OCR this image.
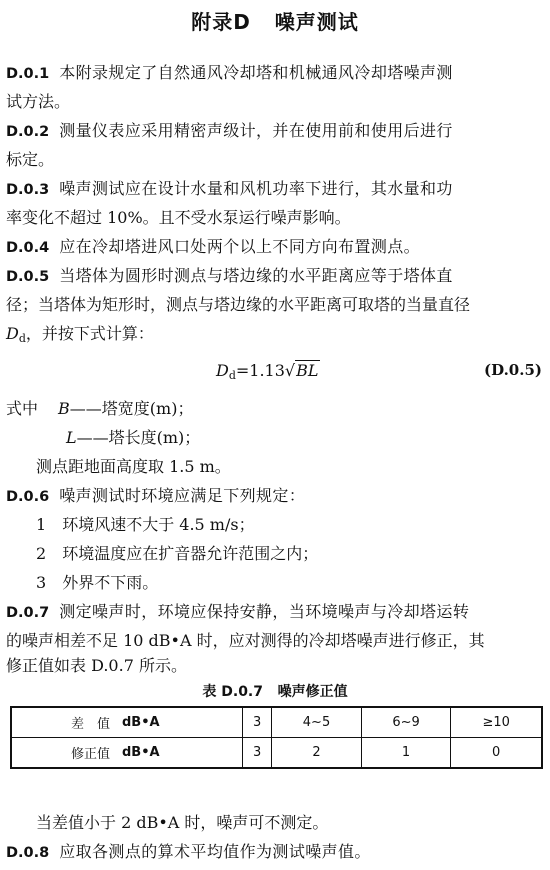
附录D   噪声测试
D.0.1 本附录规定了自然通风冷却塔和机械通风冷却塔噪声测
试方法。
D.0.2 测量仪表应采用精密声级计，并在使用前和使用后进行
标定。
D.0.3 噪声测试应在设计水量和风机功率下进行，其水量和功
率变化不超过 10%。且不受水泵运行噪声影响。
D.0.4 应在冷却塔进风口处两个以上不同方向布置测点。
D.0.5 当塔体为圆形时测点与塔边缘的水平距离应等于塔体直
径；当塔体为矩形时，测点与塔边缘的水平距离可取塔的当量直径
$D_d$，并按下式计算：
$D_d=1.13√BL$	(D.0.5)
式中 B——塔宽度(m)；
L——塔长度(m)；
测点距地面高度取 1.5 m。
D.0.6 噪声测试时环境应满足下列规定：
1 环境风速不大于 4.5 m/s；
2 环境温度应在扩音器允许范围之内；
3 外界不下雨。
D.0.7 测定噪声时，环境应保持安静，当环境噪声与冷却塔运转
的噪声相差不足 10 dB•A 时，应对测得的冷却塔噪声进行修正，其
修正值如表 D.0.7 所示。
表 D.0.7   噪声修正值
差　值	dB•A	3	4~5	6~9	≥10
修正值	dB•A	3	2	1	0
当差值小于 2 dB•A 时，噪声可不测定。
D.0.8 应取各测点的算术平均值作为测试噪声值。
